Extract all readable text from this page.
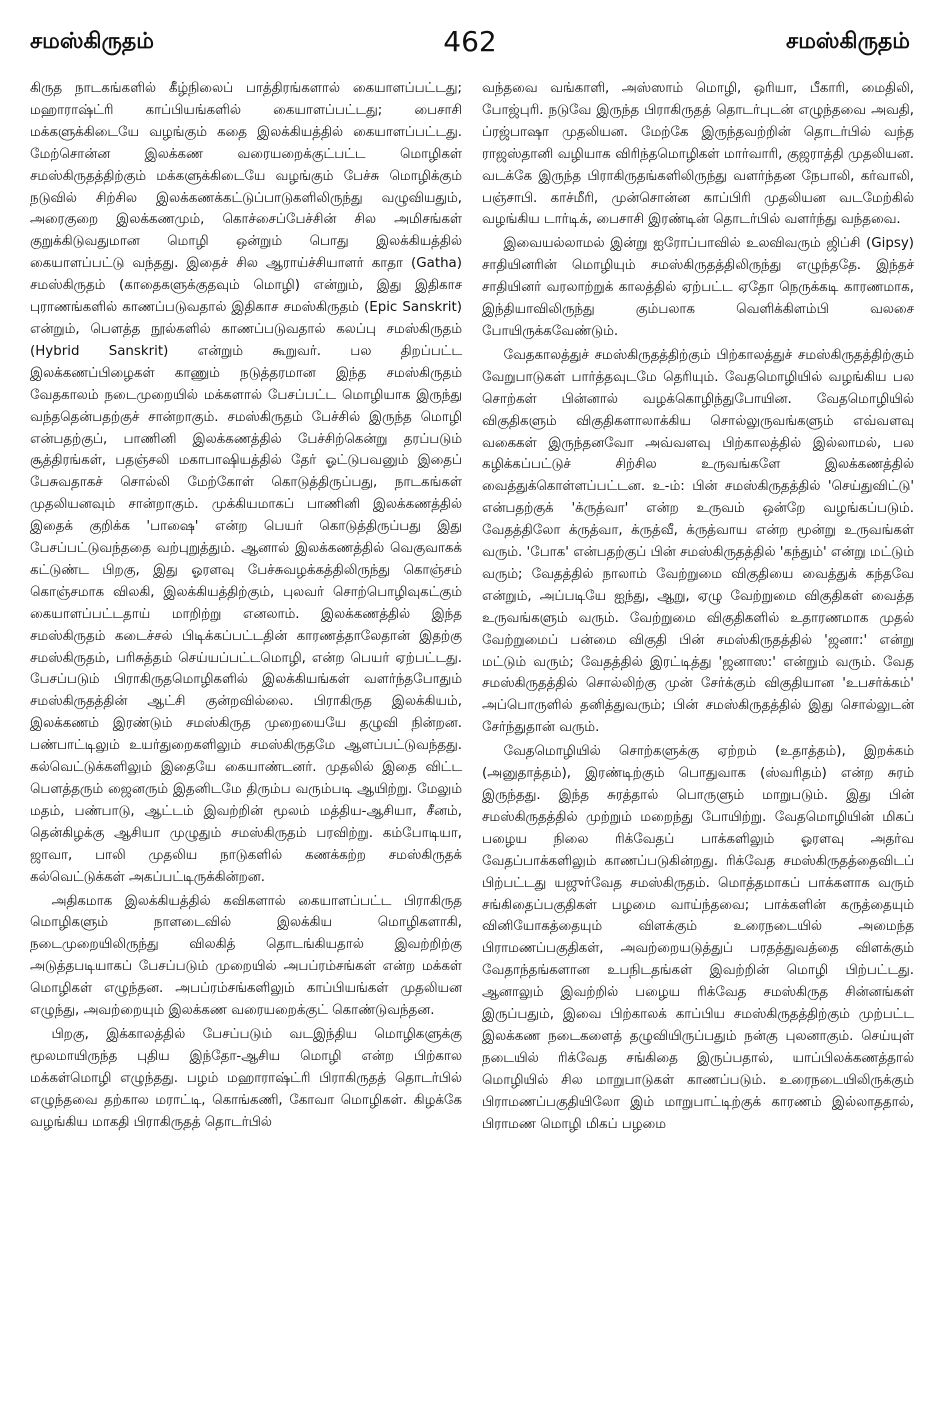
சமஸ்கிருதம்	462	சமஸ்கிருதம்

கிருத நாடகங்களில் கீழ்நிலைப் பாத்திரங்களால் கையாளப்பட்டது; மஹாராஷ்ட்ரி காப்பியங்களில் கையாளப்பட்டது; பைசாசி மக்களுக்கிடையே வழங்கும் கதை இலக்கியத்தில் கையாளப்பட்டது. மேற்சொன்ன இலக்கண வரையறைக்குட்பட்ட மொழிகள் சமஸ்கிருதத்திற்கும் மக்களுக்கிடையே வழங்கும் பேச்சு மொழிக்கும் நடுவில் சிற்சில இலக்கணக்கட்டுப்பாடுகளிலிருந்து வழுவியதும், அரைகுறை இலக்கணமும், கொச்சைப்பேச்சின் சில அமிசங்கள் குறுக்கிடுவதுமான மொழி ஒன்றும் பொது இலக்கியத்தில் கையாளப்பட்டு வந்தது. இதைச் சில ஆராய்ச்சியாளர் காதா (Gatha) சமஸ்கிருதம் (காதைகளுக்குதவும் மொழி) என்றும், இது இதிகாச புராணங்களில் காணப்படுவதால் இதிகாச சமஸ்கிருதம் (Epic Sanskrit) என்றும், பௌத்த நூல்களில் காணப்படுவதால் கலப்பு சமஸ்கிருதம் (Hybrid Sanskrit) என்றும் கூறுவர். பல திறப்பட்ட இலக்கணப்பிழைகள் காணும் நடுத்தரமான இந்த சமஸ்கிருதம் வேதகாலம் நடைமுறையில் மக்களால் பேசப்பட்ட மொழியாக இருந்து வந்ததென்பதற்குச் சான்றாகும். சமஸ்கிருதம் பேச்சில் இருந்த மொழி என்பதற்குப், பாணினி இலக்கணத்தில் பேச்சிற்கென்று தரப்படும் சூத்திரங்கள், பதஞ்சலி மகாபாஷியத்தில் தேர் ஓட்டுபவனும் இதைப் பேசுவதாகச் சொல்லி மேற்கோள் கொடுத்திருப்பது, நாடகங்கள் முதலியனவும் சான்றாகும். முக்கியமாகப் பாணினி இலக்கணத்தில் இதைக் குறிக்க 'பாஷை' என்ற பெயர் கொடுத்திருப்பது இது பேசப்பட்டுவந்ததை வற்புறுத்தும். ஆனால் இலக்கணத்தில் வெகுவாகக் கட்டுண்ட பிறகு, இது ஓரளவு பேச்சுவழக்கத்திலிருந்து கொஞ்சம் கொஞ்சமாக விலகி, இலக்கியத்திற்கும், புலவர் சொற்பொழிவுகட்கும் கையாளப்பட்டதாய் மாறிற்று எனலாம். இலக்கணத்தில் இந்த சமஸ்கிருதம் கடைச்சல் பிடிக்கப்பட்டதின் காரணத்தாலேதான் இதற்கு சமஸ்கிருதம், பரிசுத்தம் செய்யப்பட்டமொழி, என்ற பெயர் ஏற்பட்டது. பேசப்படும் பிராகிருதமொழிகளில் இலக்கியங்கள் வளர்ந்தபோதும் சமஸ்கிருதத்தின் ஆட்சி குன்றவில்லை. பிராகிருத இலக்கியம், இலக்கணம் இரண்டும் சமஸ்கிருத முறையையே தழுவி நின்றன. பண்பாட்டிலும் உயர்துறைகளிலும் சமஸ்கிருதமே ஆளப்பட்டுவந்தது. கல்வெட்டுக்களிலும் இதையே கையாண்டனர். முதலில் இதை விட்ட பௌத்தரும் ஜைனரும் இதனிடமே திரும்ப வரும்படி ஆயிற்று. மேலும் மதம், பண்பாடு, ஆட்டம் இவற்றின் மூலம் மத்திய-ஆசியா, சீனம், தென்கிழக்கு ஆசியா முழுதும் சமஸ்கிருதம் பரவிற்று. கம்போடியா, ஜாவா, பாலி முதலிய நாடுகளில் கணக்கற்ற சமஸ்கிருதக் கல்வெட்டுக்கள் அகப்பட்டிருக்கின்றன.

அதிகமாக இலக்கியத்தில் கவிகளால் கையாளப்பட்ட பிராகிருத மொழிகளும் நாளடைவில் இலக்கிய மொழிகளாகி, நடைமுறையிலிருந்து விலகித் தொடங்கியதால் இவற்றிற்கு அடுத்தபடியாகப் பேசப்படும் முறையில் அபப்ரம்சங்கள் என்ற மக்கள் மொழிகள் எழுந்தன. அபப்ரம்சங்களிலும் காப்பியங்கள் முதலியன எழுந்து, அவற்றையும் இலக்கண வரையறைக்குட் கொண்டுவந்தன.

பிறகு, இக்காலத்தில் பேசப்படும் வடஇந்திய மொழிகளுக்கு மூலமாயிருந்த புதிய இந்தோ-ஆசிய மொழி என்ற பிற்கால மக்கள்மொழி எழுந்தது. பழம் மஹாராஷ்ட்ரி பிராகிருதத் தொடர்பில் எழுந்தவை தற்கால மராட்டி, கொங்கணி, கோவா மொழிகள். கிழக்கே வழங்கிய மாகதி பிராகிருதத் தொடர்பில்

வந்தவை வங்காளி, அஸ்ஸாம் மொழி, ஒரியா, பீகாரி, மைதிலி, போஜ்புரி. நடுவே இருந்த பிராகிருதத் தொடர்புடன் எழுந்தவை அவதி, ப்ரஜ்பாஷா முதலியன. மேற்கே இருந்தவற்றின் தொடர்பில் வந்த ராஜஸ்தானி வழியாக விரிந்தமொழிகள் மார்வாரி, குஜராத்தி முதலியன. வடக்கே இருந்த பிராகிருதங்களிலிருந்து வளர்ந்தன நேபாலி, கர்வாலி, பஞ்சாபி. காச்மீரி, முன்சொன்ன காப்பிரி முதலியன வடமேற்கில் வழங்கிய டார்டிக், பைசாசி இரண்டின் தொடர்பில் வளர்ந்து வந்தவை.

இவையல்லாமல் இன்று ஐரோப்பாவில் உலவிவரும் ஜிப்சி (Gipsy) சாதியினரின் மொழியும் சமஸ்கிருதத்திலிருந்து எழுந்ததே. இந்தச் சாதியினர் வரலாற்றுக் காலத்தில் ஏற்பட்ட ஏதோ நெருக்கடி காரணமாக, இந்தியாவிலிருந்து கும்பலாக வெளிக்கிளம்பி வலசை போயிருக்கவேண்டும்.

வேதகாலத்துச் சமஸ்கிருதத்திற்கும் பிற்காலத்துச் சமஸ்கிருதத்திற்கும் வேறுபாடுகள் பார்த்தவுடமே தெரியும். வேதமொழியில் வழங்கிய பல சொற்கள் பின்னால் வழக்கொழிந்துபோயின. வேதமொழியில் விகுதிகளும் விகுதிகளாலாக்கிய சொல்லுருவங்களும் எவ்வளவு வகைகள் இருந்தனவோ அவ்வளவு பிற்காலத்தில் இல்லாமல், பல கழிக்கப்பட்டுச் சிற்சில உருவங்களே இலக்கணத்தில் வைத்துக்கொள்ளப்பட்டன. உ-ம்: பின் சமஸ்கிருதத்தில் 'செய்துவிட்டு' என்பதற்குக் 'க்ருத்வா' என்ற உருவம் ஒன்றே வழங்கப்படும். வேதத்திலோ க்ருத்வா, க்ருத்வீ, க்ருத்வாய என்ற மூன்று உருவங்கள் வரும். 'போக' என்பதற்குப் பின் சமஸ்கிருதத்தில் 'கந்தும்' என்று மட்டும் வரும்; வேதத்தில் நாலாம் வேற்றுமை விகுதியை வைத்துக் கந்தவே என்றும், அப்படியே ஐந்து, ஆறு, ஏழு வேற்றுமை விகுதிகள் வைத்த உருவங்களும் வரும். வேற்றுமை விகுதிகளில் உதாரணமாக முதல் வேற்றுமைப் பன்மை விகுதி பின் சமஸ்கிருதத்தில் 'ஜனா:' என்று மட்டும் வரும்; வேதத்தில் இரட்டித்து 'ஜனாஸ:' என்றும் வரும். வேத சமஸ்கிருதத்தில் சொல்லிற்கு முன் சேர்க்கும் விகுதியான 'உபசர்க்கம்' அப்பொருளில் தனித்துவரும்; பின் சமஸ்கிருதத்தில் இது சொல்லுடன் சேர்ந்துதான் வரும்.

வேதமொழியில் சொற்களுக்கு ஏற்றம் (உதாத்தம்), இறக்கம் (அனுதாத்தம்), இரண்டிற்கும் பொதுவாக (ஸ்வரிதம்) என்ற சுரம் இருந்தது. இந்த சுரத்தால் பொருளும் மாறுபடும். இது பின் சமஸ்கிருதத்தில் முற்றும் மறைந்து போயிற்று. வேதமொழியின் மிகப் பழைய நிலை ரிக்வேதப் பாக்களிலும் ஓரளவு அதர்வ வேதப்பாக்களிலும் காணப்படுகின்றது. ரிக்வேத சமஸ்கிருதத்தைவிடப் பிற்பட்டது யஜுர்வேத சமஸ்கிருதம். மொத்தமாகப் பாக்களாக வரும் சங்கிதைப்பகுதிகள் பழமை வாய்ந்தவை; பாக்களின் கருத்தையும் வினியோகத்தையும் விளக்கும் உரைநடையில் அமைந்த பிராமணப்பகுதிகள், அவற்றையடுத்துப் பரதத்துவத்தை விளக்கும் வேதாந்தங்களான உபநிடதங்கள் இவற்றின் மொழி பிற்பட்டது. ஆனாலும் இவற்றில் பழைய ரிக்வேத சமஸ்கிருத சின்னங்கள் இருப்பதும், இவை பிற்காலக் காப்பிய சமஸ்கிருதத்திற்கும் முற்பட்ட இலக்கண நடைகளைத் தழுவியிருப்பதும் நன்கு புலனாகும். செய்யுள் நடையில் ரிக்வேத சங்கிதை இருப்பதால், யாப்பிலக்கணத்தால் மொழியில் சில மாறுபாடுகள் காணப்படும். உரைநடையிலிருக்கும் பிராமணப்பகுதியிலோ இம் மாறுபாட்டிற்குக் காரணம் இல்லாததால், பிராமண மொழி மிகப் பழமை
